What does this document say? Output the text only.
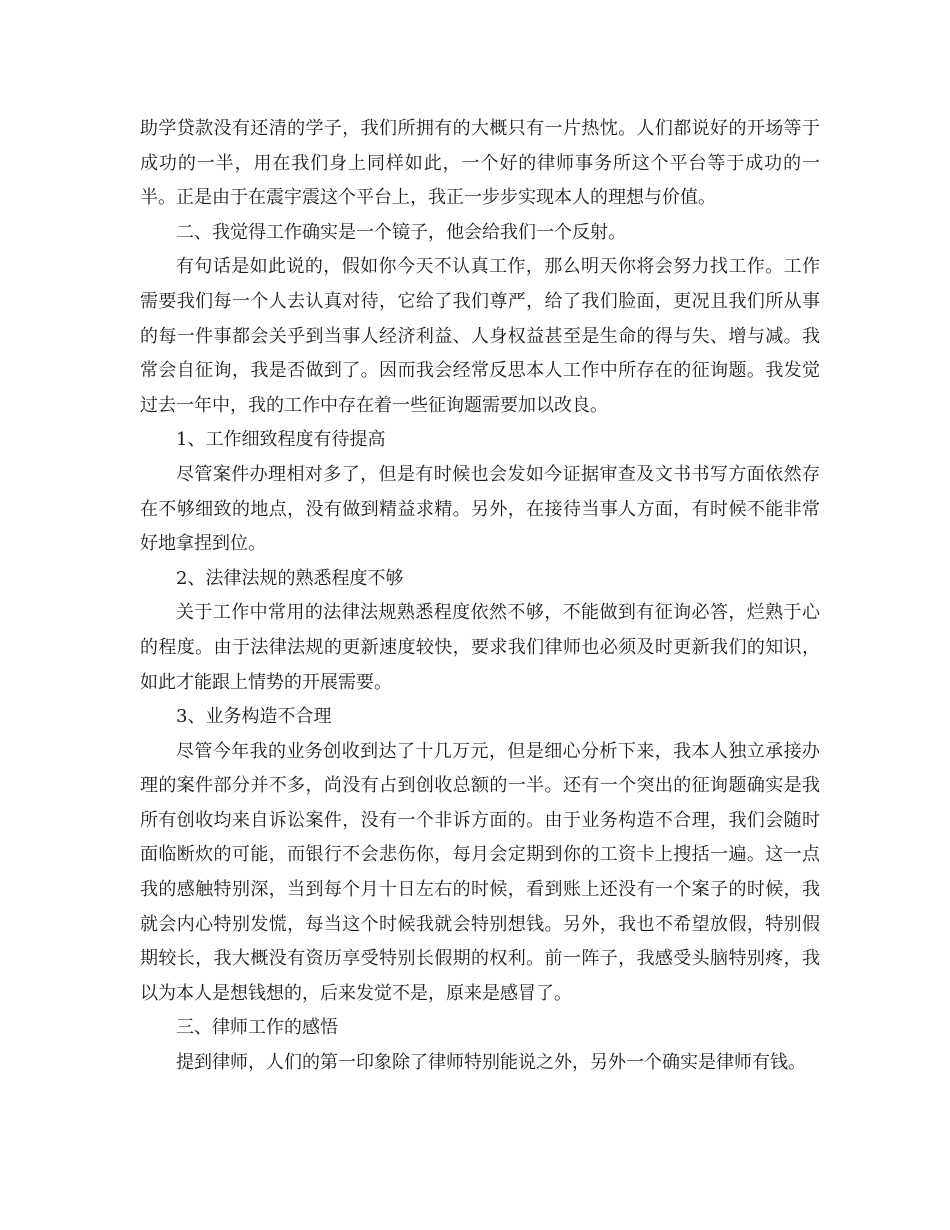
助学贷款没有还清的学子，我们所拥有的大概只有一片热忱。人们都说好的开场等于成功的一半，用在我们身上同样如此，一个好的律师事务所这个平台等于成功的一半。正是由于在震宇震这个平台上，我正一步步实现本人的理想与价值。

二、我觉得工作确实是一个镜子，他会给我们一个反射。

有句话是如此说的，假如你今天不认真工作，那么明天你将会努力找工作。工作需要我们每一个人去认真对待，它给了我们尊严，给了我们脸面，更况且我们所从事的每一件事都会关乎到当事人经济利益、人身权益甚至是生命的得与失、增与减。我常会自征询，我是否做到了。因而我会经常反思本人工作中所存在的征询题。我发觉过去一年中，我的工作中存在着一些征询题需要加以改良。

1、工作细致程度有待提高

尽管案件办理相对多了，但是有时候也会发如今证据审查及文书书写方面依然存在不够细致的地点，没有做到精益求精。另外，在接待当事人方面，有时候不能非常好地拿捏到位。

2、法律法规的熟悉程度不够

关于工作中常用的法律法规熟悉程度依然不够，不能做到有征询必答，烂熟于心的程度。由于法律法规的更新速度较快，要求我们律师也必须及时更新我们的知识，如此才能跟上情势的开展需要。

3、业务构造不合理

尽管今年我的业务创收到达了十几万元，但是细心分析下来，我本人独立承接办理的案件部分并不多，尚没有占到创收总额的一半。还有一个突出的征询题确实是我所有创收均来自诉讼案件，没有一个非诉方面的。由于业务构造不合理，我们会随时面临断炊的可能，而银行不会悲伤你，每月会定期到你的工资卡上搜括一遍。这一点我的感触特别深，当到每个月十日左右的时候，看到账上还没有一个案子的时候，我就会内心特别发慌，每当这个时候我就会特别想钱。另外，我也不希望放假，特别假期较长，我大概没有资历享受特别长假期的权利。前一阵子，我感受头脑特别疼，我以为本人是想钱想的，后来发觉不是，原来是感冒了。

三、律师工作的感悟

提到律师，人们的第一印象除了律师特别能说之外，另外一个确实是律师有钱。
